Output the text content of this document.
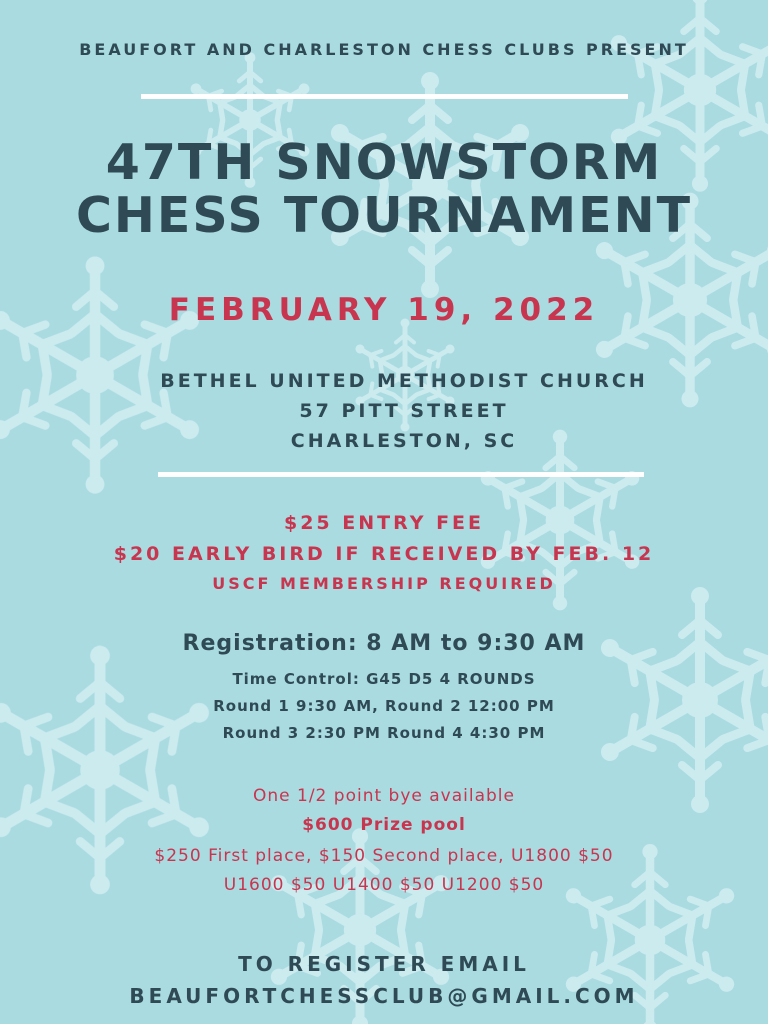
BEAUFORT AND CHARLESTON CHESS CLUBS PRESENT
47TH SNOWSTORM
CHESS TOURNAMENT
FEBRUARY 19, 2022
BETHEL UNITED METHODIST CHURCH
57 PITT STREET
CHARLESTON, SC
$25 ENTRY FEE
$20 EARLY BIRD IF RECEIVED BY FEB. 12
USCF MEMBERSHIP REQUIRED
Registration: 8 AM to 9:30 AM
Time Control: G45 D5 4 ROUNDS
Round 1 9:30 AM, Round 2 12:00 PM
Round 3 2:30 PM Round 4 4:30 PM
One 1/2 point bye available
$600 Prize pool
$250 First place, $150 Second place, U1800 $50
U1600 $50 U1400 $50 U1200 $50
TO REGISTER EMAIL
BEAUFORTCHESSCLUB@GMAIL.COM
